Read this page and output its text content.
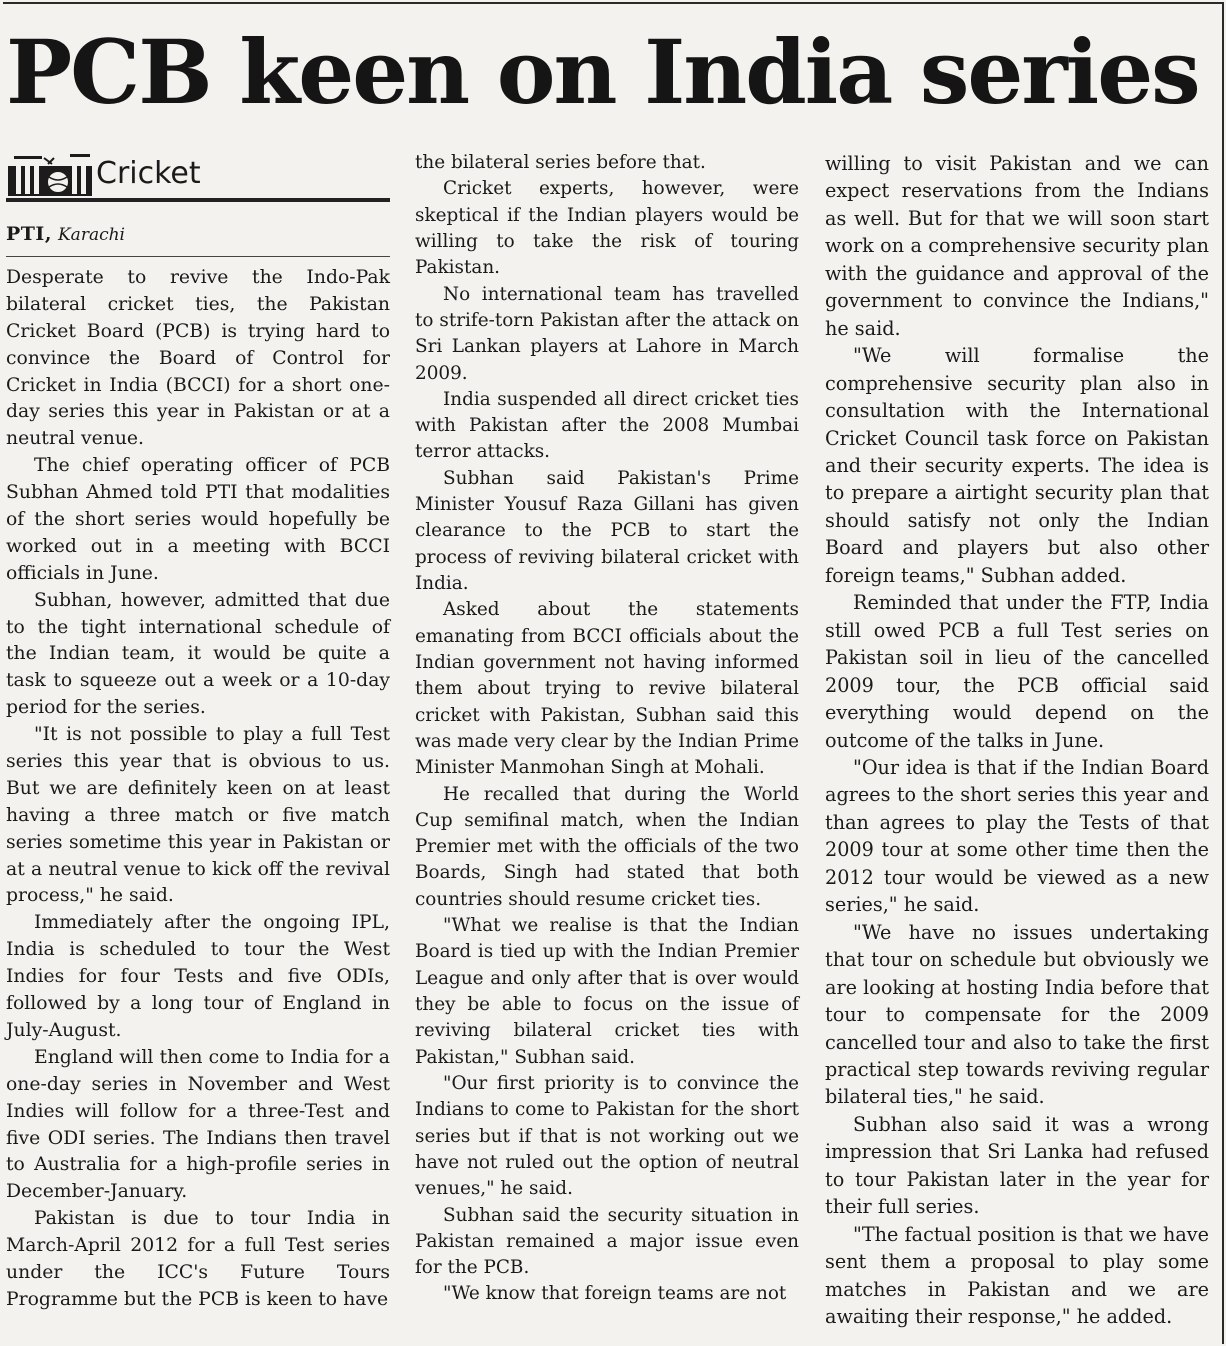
PCB keen on India series
Cricket
PTI, Karachi

Desperate to revive the Indo-Pak bilateral cricket ties, the Pakistan Cricket Board (PCB) is trying hard to convince the Board of Control for Cricket in India (BCCI) for a short one-day series this year in Pakistan or at a neutral venue.

The chief operating officer of PCB Subhan Ahmed told PTI that modalities of the short series would hopefully be worked out in a meeting with BCCI officials in June.

Subhan, however, admitted that due to the tight international schedule of the Indian team, it would be quite a task to squeeze out a week or a 10-day period for the series.

"It is not possible to play a full Test series this year that is obvious to us. But we are definitely keen on at least having a three match or five match series sometime this year in Pakistan or at a neutral venue to kick off the revival process," he said.

Immediately after the ongoing IPL, India is scheduled to tour the West Indies for four Tests and five ODIs, followed by a long tour of England in July-August.

England will then come to India for a one-day series in November and West Indies will follow for a three-Test and five ODI series. The Indians then travel to Australia for a high-profile series in December-January.

Pakistan is due to tour India in March-April 2012 for a full Test series under the ICC's Future Tours Programme but the PCB is keen to have

the bilateral series before that.

Cricket experts, however, were skeptical if the Indian players would be willing to take the risk of touring Pakistan.

No international team has travelled to strife-torn Pakistan after the attack on Sri Lankan players at Lahore in March 2009.

India suspended all direct cricket ties with Pakistan after the 2008 Mumbai terror attacks.

Subhan said Pakistan's Prime Minister Yousuf Raza Gillani has given clearance to the PCB to start the process of reviving bilateral cricket with India.

Asked about the statements emanating from BCCI officials about the Indian government not having informed them about trying to revive bilateral cricket with Pakistan, Subhan said this was made very clear by the Indian Prime Minister Manmohan Singh at Mohali.

He recalled that during the World Cup semifinal match, when the Indian Premier met with the officials of the two Boards, Singh had stated that both countries should resume cricket ties.

"What we realise is that the Indian Board is tied up with the Indian Premier League and only after that is over would they be able to focus on the issue of reviving bilateral cricket ties with Pakistan," Subhan said.

"Our first priority is to convince the Indians to come to Pakistan for the short series but if that is not working out we have not ruled out the option of neutral venues," he said.

Subhan said the security situation in Pakistan remained a major issue even for the PCB.

"We know that foreign teams are not

willing to visit Pakistan and we can expect reservations from the Indians as well. But for that we will soon start work on a comprehensive security plan with the guidance and approval of the government to convince the Indians," he said.

"We will formalise the comprehensive security plan also in consultation with the International Cricket Council task force on Pakistan and their security experts. The idea is to prepare a airtight security plan that should satisfy not only the Indian Board and players but also other foreign teams," Subhan added.

Reminded that under the FTP, India still owed PCB a full Test series on Pakistan soil in lieu of the cancelled 2009 tour, the PCB official said everything would depend on the outcome of the talks in June.

"Our idea is that if the Indian Board agrees to the short series this year and than agrees to play the Tests of that 2009 tour at some other time then the 2012 tour would be viewed as a new series," he said.

"We have no issues undertaking that tour on schedule but obviously we are looking at hosting India before that tour to compensate for the 2009 cancelled tour and also to take the first practical step towards reviving regular bilateral ties," he said.

Subhan also said it was a wrong impression that Sri Lanka had refused to tour Pakistan later in the year for their full series.

"The factual position is that we have sent them a proposal to play some matches in Pakistan and we are awaiting their response," he added.
